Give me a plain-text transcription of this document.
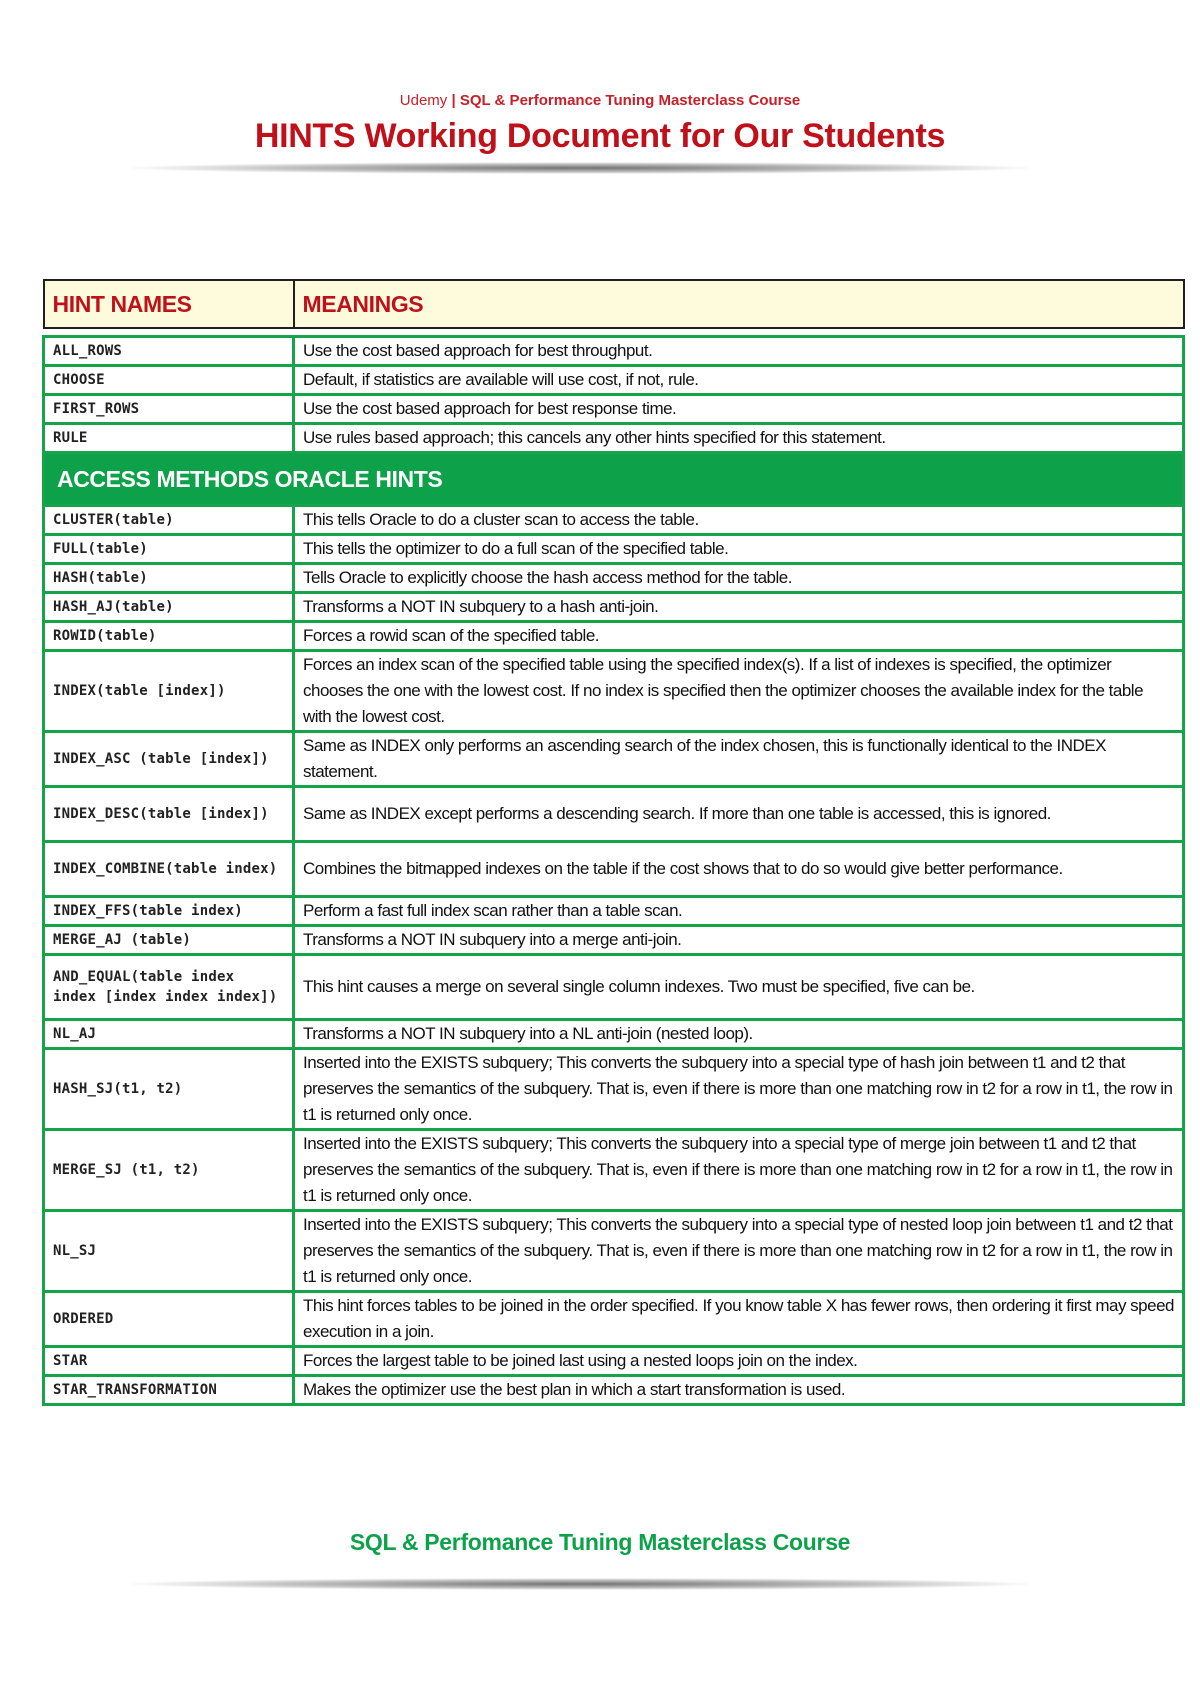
Udemy | SQL & Performance Tuning Masterclass Course
HINTS Working Document for Our Students
HINT NAMES	MEANINGS

ALL_ROWS	Use the cost based approach for best throughput.
CHOOSE	Default, if statistics are available will use cost, if not, rule.
FIRST_ROWS	Use the cost based approach for best response time.
RULE	Use rules based approach; this cancels any other hints specified for this statement.
ACCESS METHODS ORACLE HINTS	
CLUSTER(table)	This tells Oracle to do a cluster scan to access the table.
FULL(table)	This tells the optimizer to do a full scan of the specified table.
HASH(table)	Tells Oracle to explicitly choose the hash access method for the table.
HASH_AJ(table)	Transforms a NOT IN subquery to a hash anti-join.
ROWID(table)	Forces a rowid scan of the specified table.
INDEX(table [index])	Forces an index scan of the specified table using the specified index(s). If a list of indexes is specified, the optimizer chooses the one with the lowest cost. If no index is specified then the optimizer chooses the available index for the table with the lowest cost.
INDEX_ASC (table [index])	Same as INDEX only performs an ascending search of the index chosen, this is functionally identical to the INDEX statement.
INDEX_DESC(table [index])	Same as INDEX except performs a descending search. If more than one table is accessed, this is ignored.
INDEX_COMBINE(table index)	Combines the bitmapped indexes on the table if the cost shows that to do so would give better performance.
INDEX_FFS(table index)	Perform a fast full index scan rather than a table scan.
MERGE_AJ (table)	Transforms a NOT IN subquery into a merge anti-join.
AND_EQUAL(table index index [index index index])	This hint causes a merge on several single column indexes. Two must be specified, five can be.
NL_AJ	Transforms a NOT IN subquery into a NL anti-join (nested loop).
HASH_SJ(t1, t2)	Inserted into the EXISTS subquery; This converts the subquery into a special type of hash join between t1 and t2 that preserves the semantics of the subquery. That is, even if there is more than one matching row in t2 for a row in t1, the row in t1 is returned only once.
MERGE_SJ (t1, t2)	Inserted into the EXISTS subquery; This converts the subquery into a special type of merge join between t1 and t2 that preserves the semantics of the subquery. That is, even if there is more than one matching row in t2 for a row in t1, the row in t1 is returned only once.
NL_SJ	Inserted into the EXISTS subquery; This converts the subquery into a special type of nested loop join between t1 and t2 that preserves the semantics of the subquery. That is, even if there is more than one matching row in t2 for a row in t1, the row in t1 is returned only once.
ORDERED	This hint forces tables to be joined in the order specified. If you know table X has fewer rows, then ordering it first may speed execution in a join.
STAR	Forces the largest table to be joined last using a nested loops join on the index.
STAR_TRANSFORMATION	Makes the optimizer use the best plan in which a start transformation is used.
SQL & Perfomance Tuning Masterclass Course
